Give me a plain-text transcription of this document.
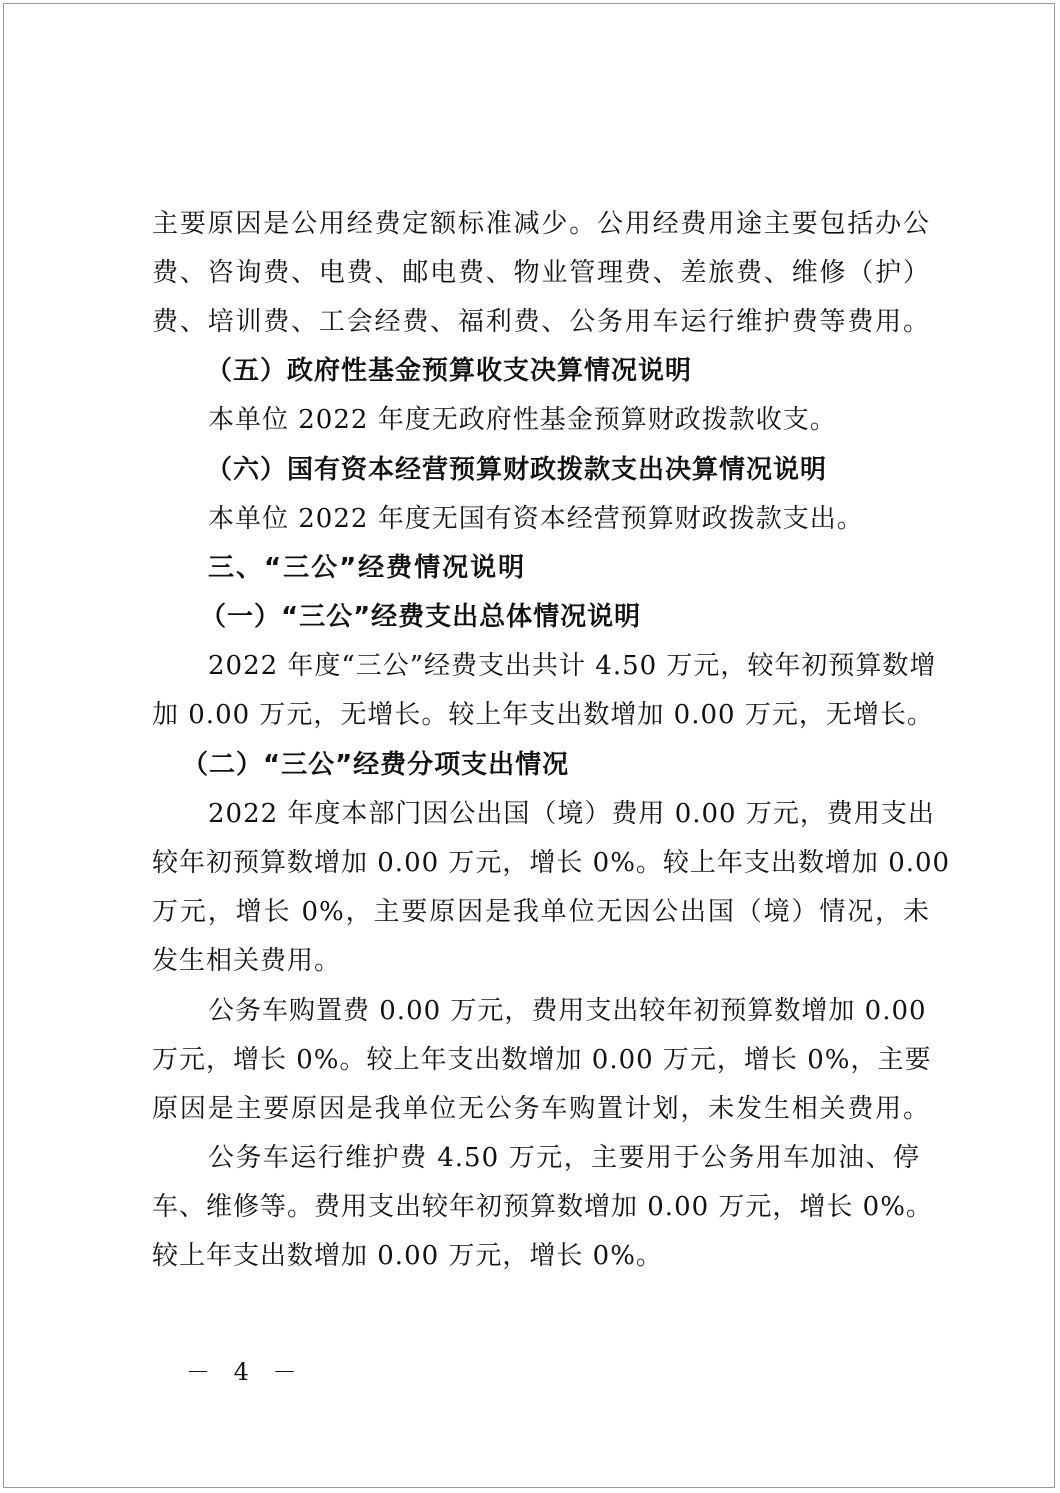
主要原因是公用经费定额标准减少。公用经费用途主要包括办公
费、咨询费、电费、邮电费、物业管理费、差旅费、维修（护）
费、培训费、工会经费、福利费、公务用车运行维护费等费用。
（五）政府性基金预算收支决算情况说明
本单位 2022 年度无政府性基金预算财政拨款收支。
（六）国有资本经营预算财政拨款支出决算情况说明
本单位 2022 年度无国有资本经营预算财政拨款支出。
三、“三公”经费情况说明
（一）“三公”经费支出总体情况说明
2022 年度“三公”经费支出共计 4.50 万元，较年初预算数增
加 0.00 万元，无增长。较上年支出数增加 0.00 万元，无增长。
（二）“三公”经费分项支出情况
2022 年度本部门因公出国（境）费用 0.00 万元，费用支出
较年初预算数增加 0.00 万元，增长 0%。较上年支出数增加 0.00
万元，增长 0%，主要原因是我单位无因公出国（境）情况，未
发生相关费用。
公务车购置费 0.00 万元，费用支出较年初预算数增加 0.00
万元，增长 0%。较上年支出数增加 0.00 万元，增长 0%，主要
原因是主要原因是我单位无公务车购置计划，未发生相关费用。
公务车运行维护费 4.50 万元，主要用于公务用车加油、停
车、维修等。费用支出较年初预算数增加 0.00 万元，增长 0%。
较上年支出数增加 0.00 万元，增长 0%。
－ 4 －
